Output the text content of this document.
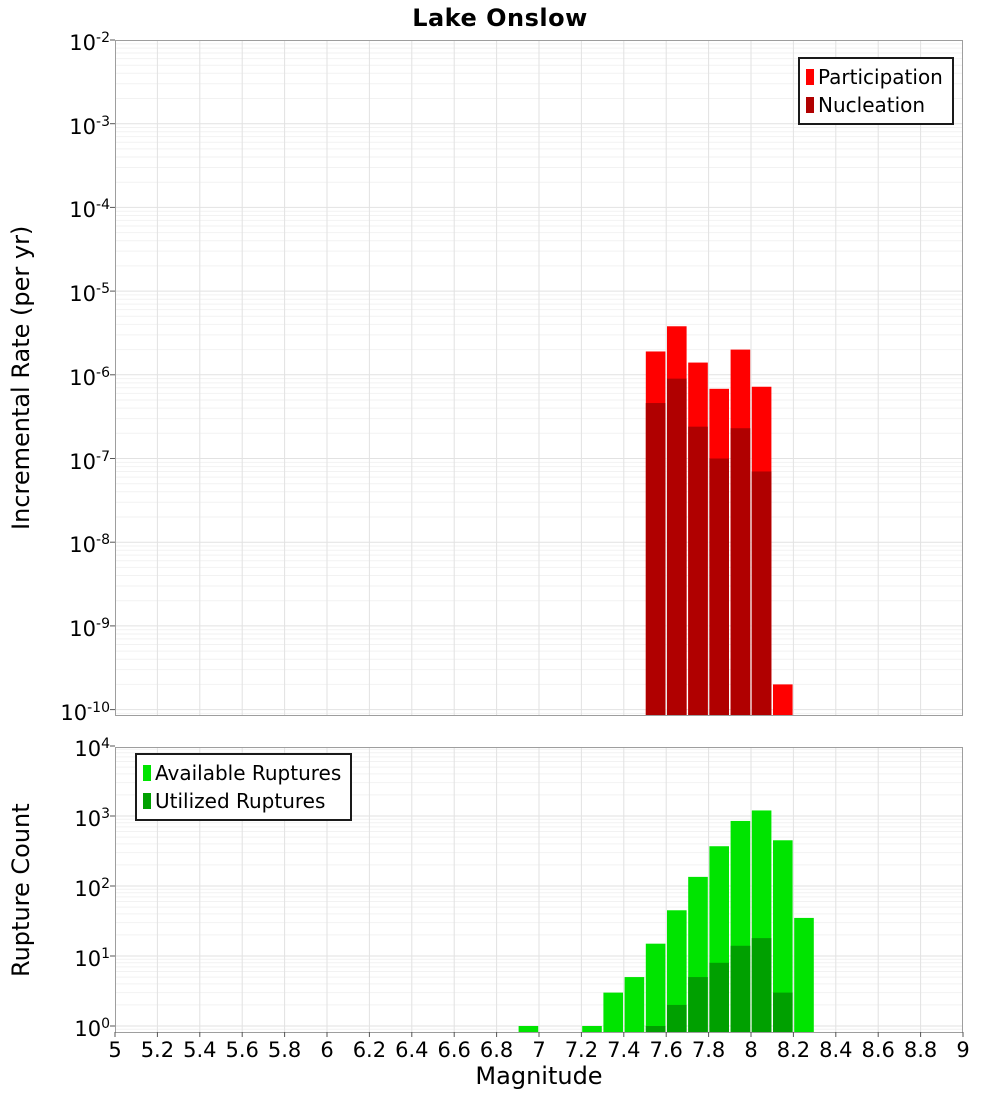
Lake Onslow
Incremental Rate (per yr)
Rupture Count
Participation
Nucleation
Available Ruptures
Utilized Ruptures
Magnitude
$10^{-2}$
$10^{-3}$
$10^{-4}$
$10^{-5}$
$10^{-6}$
$10^{-7}$
$10^{-8}$
$10^{-9}$
$10^{-10}$
$10^4$
$10^3$
$10^2$
$10^1$
$10^0$
5 5.2 5.4 5.6 5.8 6 6.2 6.4 6.6 6.8 7 7.2 7.4 7.6 7.8 8 8.2 8.4 8.6 8.8 9
